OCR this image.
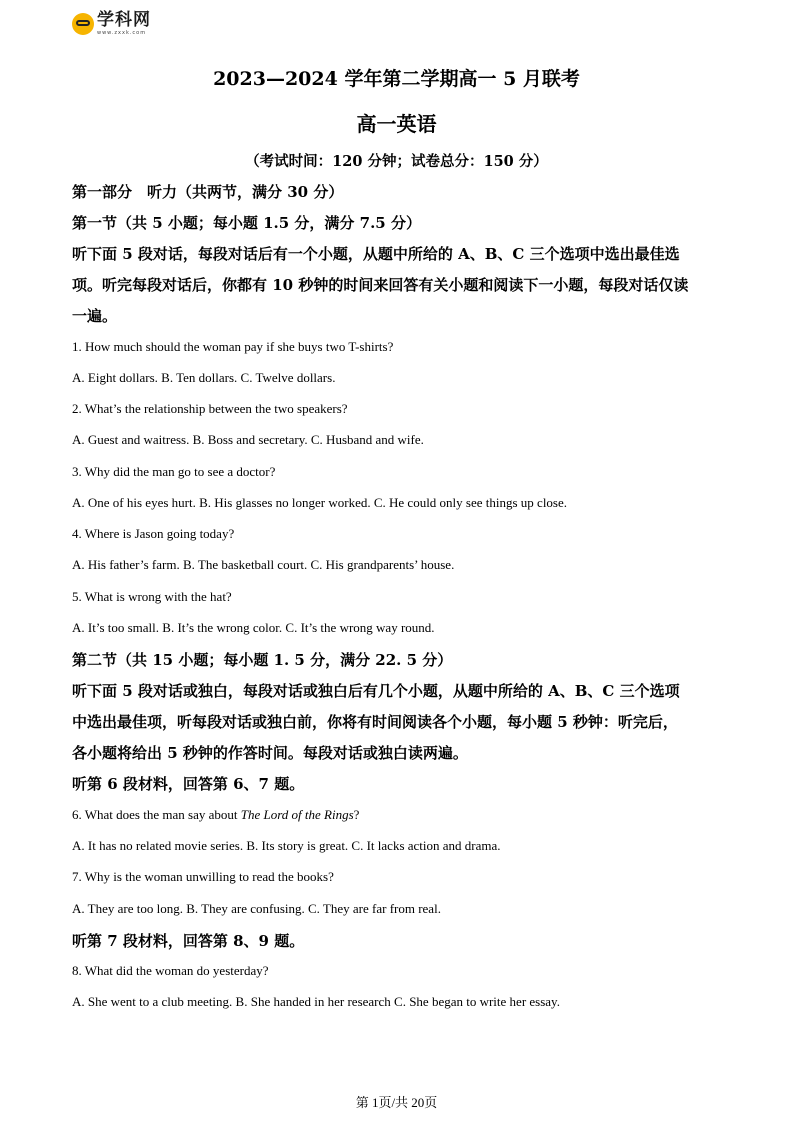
学科网
www.zxxk.com
2023—2024 学年第二学期高一 5 月联考
高一英语
（考试时间：120 分钟；试卷总分：150 分）
第一部分　听力（共两节，满分 30 分）
第一节（共 5 小题；每小题 1.5 分，满分 7.5 分）
听下面 5 段对话，每段对话后有一个小题，从题中所给的 A、B、C 三个选项中选出最佳选
项。听完每段对话后，你都有 10 秒钟的时间来回答有关小题和阅读下一小题，每段对话仅读
一遍。
1. How much should the woman pay if she buys two T-shirts?
A. Eight dollars. B. Ten dollars. C. Twelve dollars.
2. What’s the relationship between the two speakers?
A. Guest and waitress. B. Boss and secretary. C. Husband and wife.
3. Why did the man go to see a doctor?
A. One of his eyes hurt. B. His glasses no longer worked. C. He could only see things up close.
4. Where is Jason going today?
A. His father’s farm. B. The basketball court. C. His grandparents’ house.
5. What is wrong with the hat?
A. It’s too small. B. It’s the wrong color. C. It’s the wrong way round.
第二节（共 15 小题；每小题 1. 5 分，满分 22. 5 分）
听下面 5 段对话或独白，每段对话或独白后有几个小题，从题中所给的 A、B、C 三个选项
中选出最佳项，听每段对话或独白前，你将有时间阅读各个小题，每小题 5 秒钟：听完后，
各小题将给出 5 秒钟的作答时间。每段对话或独白读两遍。
听第 6 段材料，回答第 6、7 题。
6. What does the man say about The Lord of the Rings?
A. It has no related movie series. B. Its story is great. C. It lacks action and drama.
7. Why is the woman unwilling to read the books?
A. They are too long. B. They are confusing. C. They are far from real.
听第 7 段材料，回答第 8、9 题。
8. What did the woman do yesterday?
A. She went to a club meeting. B. She handed in her research C. She began to write her essay.
第 1页/共 20页
